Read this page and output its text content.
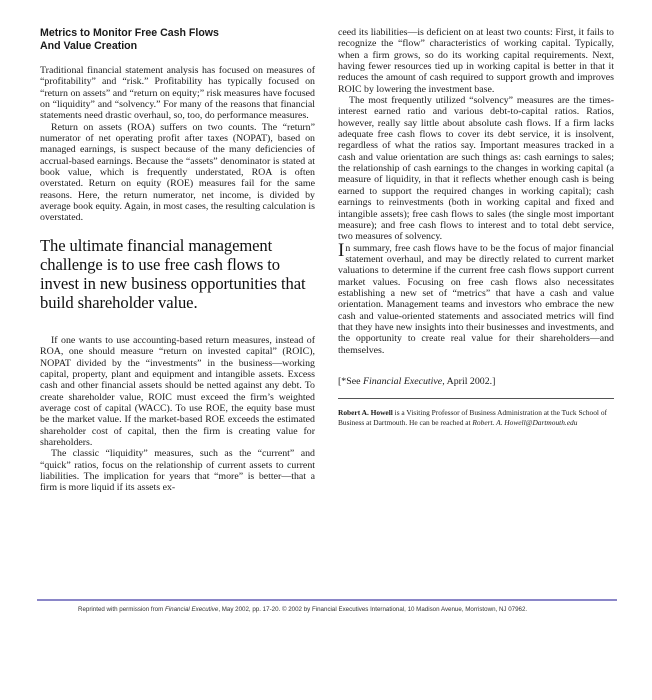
Metrics to Monitor Free Cash Flows
And Value Creation

Traditional financial statement analysis has focused on measures of “profitability” and “risk.” Profitability has typically focused on “return on assets” and “return on equity;” risk measures have focused on “liquidity” and “solvency.” For many of the reasons that financial statements need drastic overhaul, so, too, do performance measures.

Return on assets (ROA) suffers on two counts. The “return” numerator of net operating profit after taxes (NOPAT), based on managed earnings, is suspect because of the many deficiencies of accrual-based earnings. Because the “assets” denominator is stated at book value, which is frequently understated, ROA is often overstated. Return on equity (ROE) measures fail for the same reasons. Here, the return numerator, net income, is divided by average book equity. Again, in most cases, the resulting calculation is overstated.

The ultimate financial management challenge is to use free cash flows to invest in new business opportunities that build shareholder value.

If one wants to use accounting-based return measures, instead of ROA, one should measure “return on invested capital” (ROIC), NOPAT divided by the “investments” in the business—working capital, property, plant and equipment and intangible assets. Excess cash and other financial assets should be netted against any debt. To create shareholder value, ROIC must exceed the firm’s weighted average cost of capital (WACC). To use ROE, the equity base must be the market value. If the market-based ROE exceeds the estimated shareholder cost of capital, then the firm is creating value for shareholders.

The classic “liquidity” measures, such as the “current” and “quick” ratios, focus on the relationship of current assets to current liabilities. The implication for years that “more” is better—that a firm is more liquid if its assets ex-

ceed its liabilities—is deficient on at least two counts: First, it fails to recognize the “flow” characteristics of working capital. Typically, when a firm grows, so do its working capital requirements. Next, having fewer resources tied up in working capital is better in that it reduces the amount of cash required to support growth and improves ROIC by lowering the investment base.

The most frequently utilized “solvency” measures are the times-interest earned ratio and various debt-to-capital ratios. Ratios, however, really say little about absolute cash flows. If a firm lacks adequate free cash flows to cover its debt service, it is insolvent, regardless of what the ratios say. Important measures tracked in a cash and value orientation are such things as: cash earnings to sales; the relationship of cash earnings to the changes in working capital (a measure of liquidity, in that it reflects whether enough cash is being earned to support the required changes in working capital); cash earnings to reinvestments (both in working capital and fixed and intangible assets); free cash flows to sales (the single most important measure); and free cash flows to interest and to total debt service, two measures of solvency.

In summary, free cash flows have to be the focus of major financial statement overhaul, and may be directly related to current market valuations to determine if the current free cash flows support current market values. Focusing on free cash flows also necessitates establishing a new set of “metrics” that have a cash and value orientation. Management teams and investors who embrace the new cash and value-oriented statements and associated metrics will find that they have new insights into their businesses and investments, and the opportunity to create real value for their shareholders—and themselves.

[*See Financial Executive, April 2002.]
Robert A. Howell is a Visiting Professor of Business Administration at the Tuck School of Business at Dartmouth. He can be reached at Robert. A. Howell@Dartmouth.edu
Reprinted with permission from Financial Executive, May 2002, pp. 17-20. © 2002 by Financial Executives International, 10 Madison Avenue, Morristown, NJ 07962.
